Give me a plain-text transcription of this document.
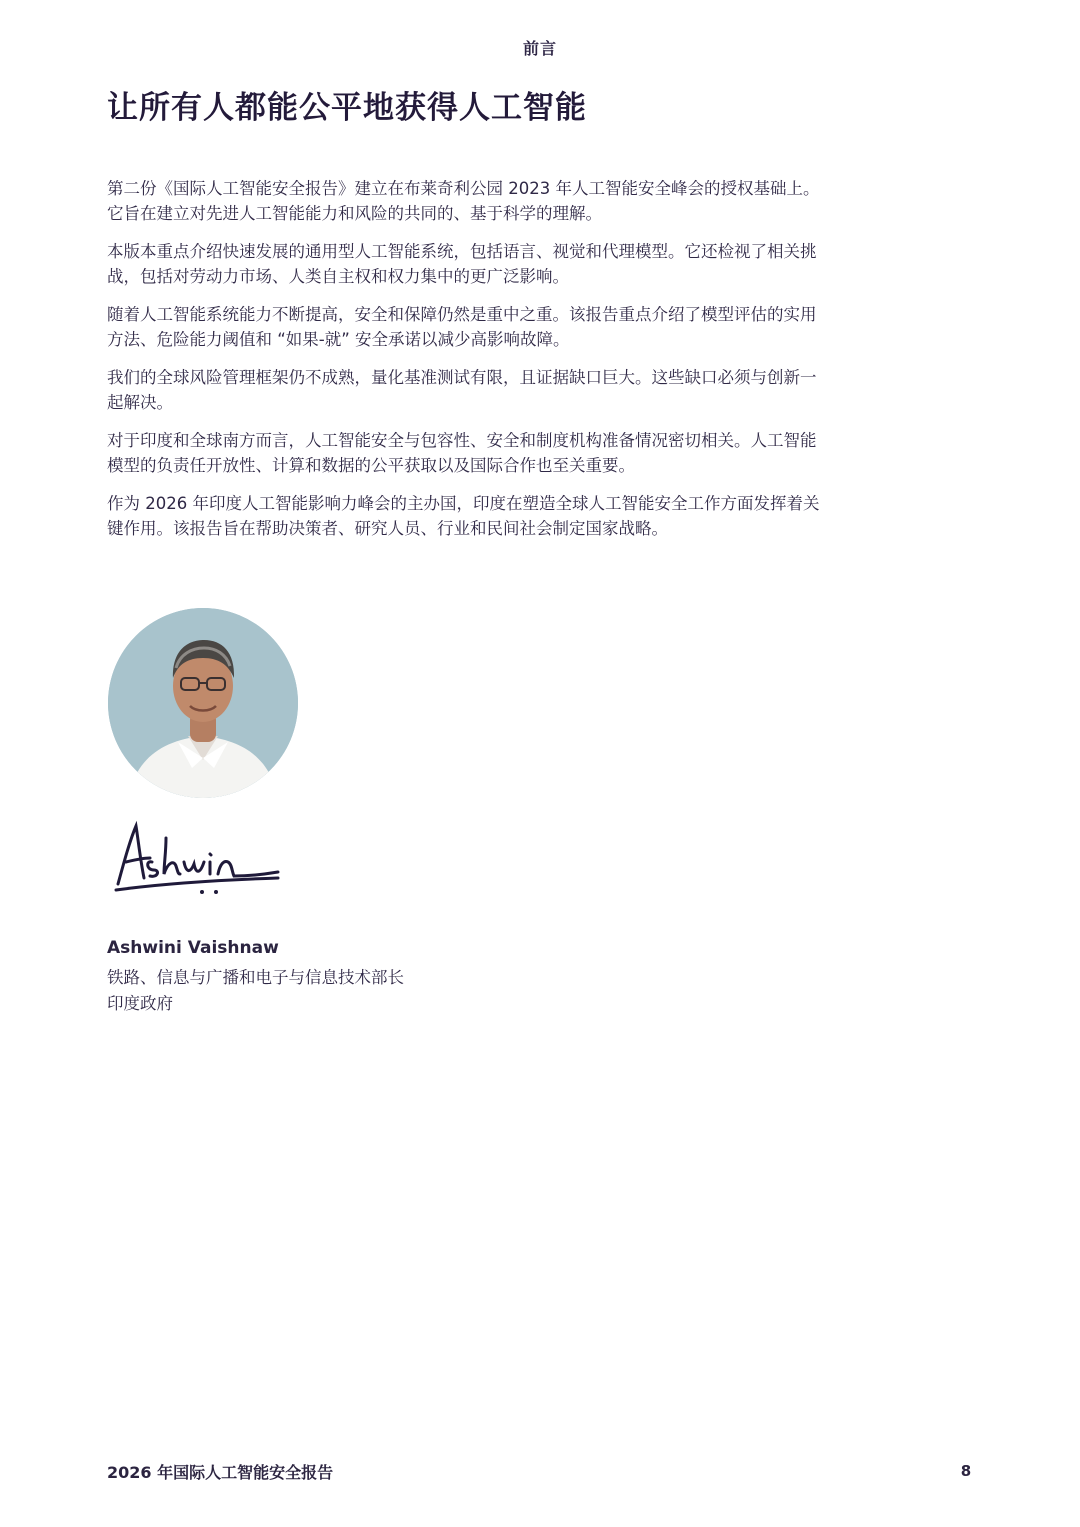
前言
让所有人都能公平地获得人工智能

第二份《国际人工智能安全报告》建立在布莱奇利公园 2023 年人工智能安全峰会的授权基础上。它旨在建立对先进人工智能能力和风险的共同的、基于科学的理解。

本版本重点介绍快速发展的通用型人工智能系统，包括语言、视觉和代理模型。它还检视了相关挑战，包括对劳动力市场、人类自主权和权力集中的更广泛影响。

随着人工智能系统能力不断提高，安全和保障仍然是重中之重。该报告重点介绍了模型评估的实用方法、危险能力阈值和 “如果-就” 安全承诺以减少高影响故障。

我们的全球风险管理框架仍不成熟，量化基准测试有限，且证据缺口巨大。这些缺口必须与创新一起解决。

对于印度和全球南方而言，人工智能安全与包容性、安全和制度机构准备情况密切相关。人工智能模型的负责任开放性、计算和数据的公平获取以及国际合作也至关重要。

作为 2026 年印度人工智能影响力峰会的主办国，印度在塑造全球人工智能安全工作方面发挥着关键作用。该报告旨在帮助决策者、研究人员、行业和民间社会制定国家战略。

Ashwini Vaishnaw
铁路、信息与广播和电子与信息技术部长
印度政府
2026 年国际人工智能安全报告	8
